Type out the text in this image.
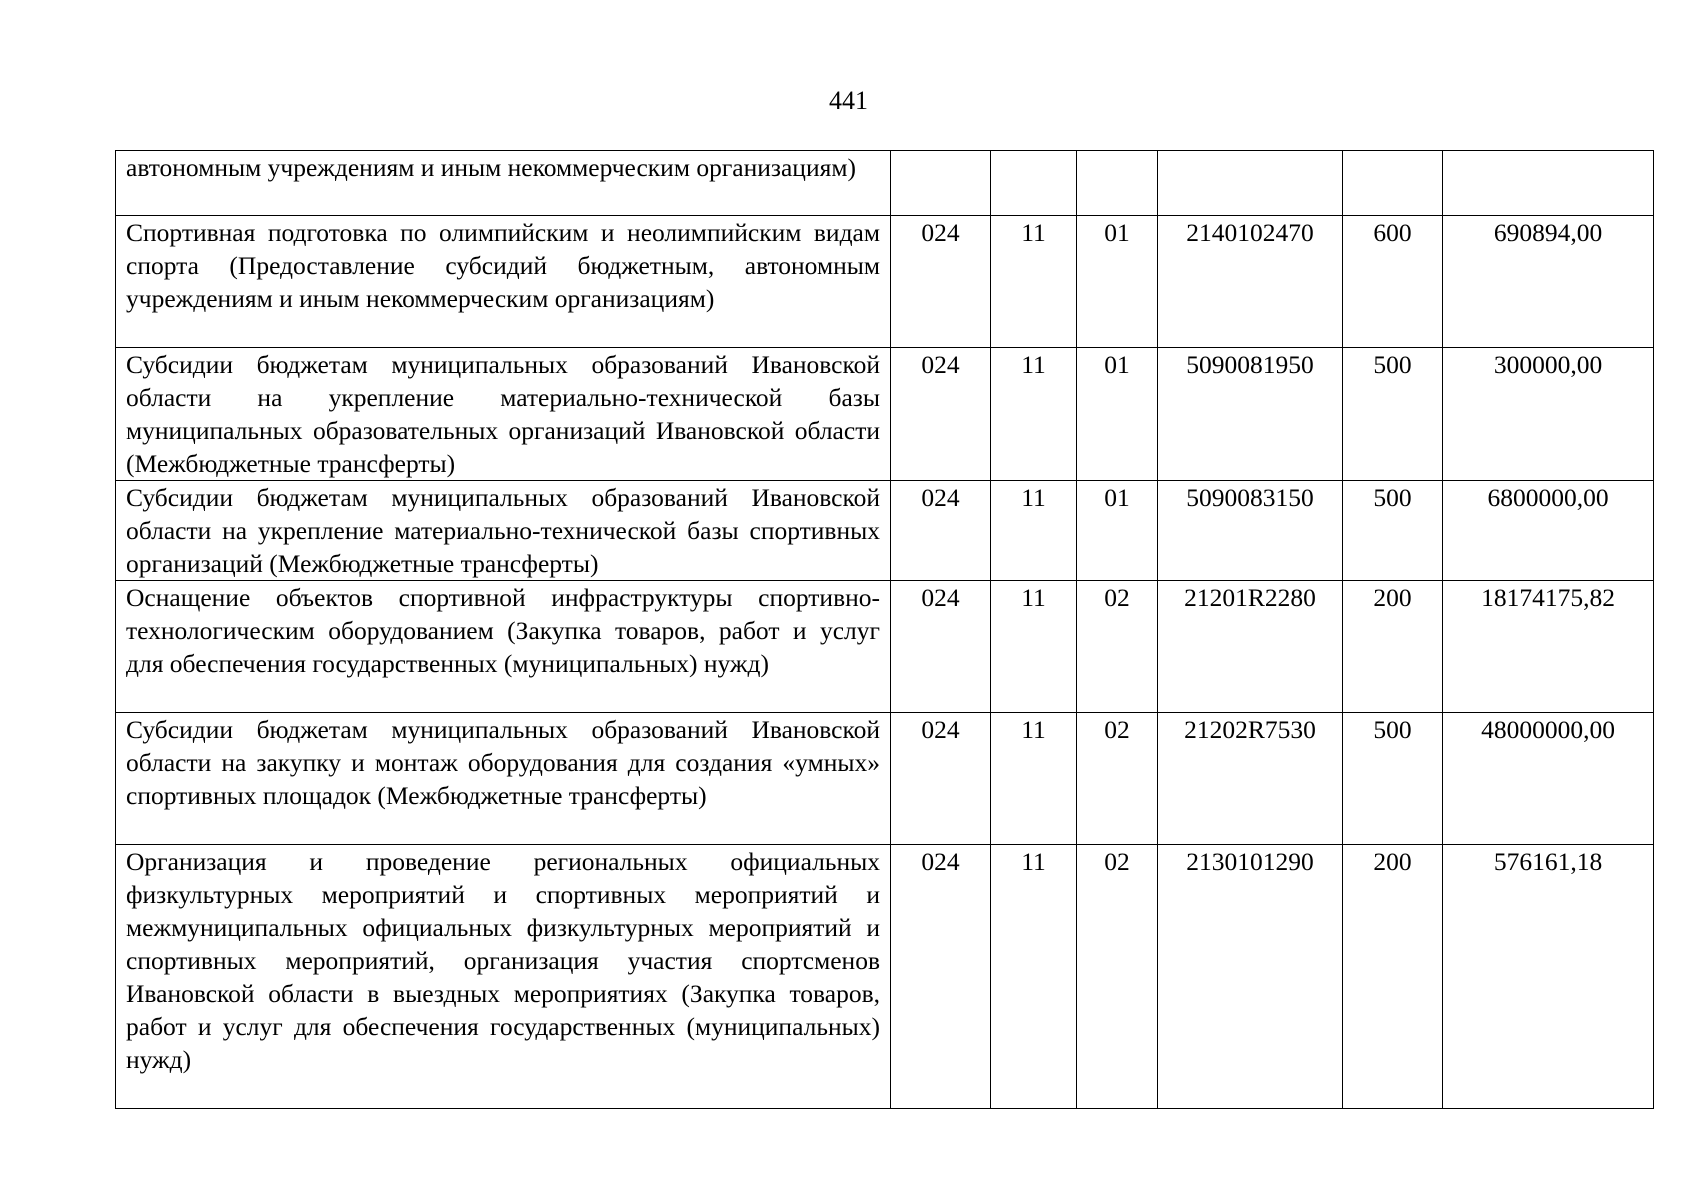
441
автономным учреждениям и иным некоммерческим организациям)						
Спортивная подготовка по олимпийским и неолимпийским видам спорта (Предоставление субсидий бюджетным, автономным учреждениям и иным некоммерческим организациям)	024	11	01	2140102470	600	690894,00
Субсидии бюджетам муниципальных образований Ивановской области на укрепление материально-технической базы муниципальных образовательных организаций Ивановской области (Межбюджетные трансферты)	024	11	01	5090081950	500	300000,00
Субсидии бюджетам муниципальных образований Ивановской области на укрепление материально-технической базы спортивных организаций (Межбюджетные трансферты)	024	11	01	5090083150	500	6800000,00
Оснащение объектов спортивной инфраструктуры спортивно-технологическим оборудованием (Закупка товаров, работ и услуг для обеспечения государственных (муниципальных) нужд)	024	11	02	21201R2280	200	18174175,82
Субсидии бюджетам муниципальных образований Ивановской области на закупку и монтаж оборудования для создания «умных» спортивных площадок (Межбюджетные трансферты)	024	11	02	21202R7530	500	48000000,00
Организация и проведение региональных официальных физкультурных мероприятий и спортивных мероприятий и межмуниципальных официальных физкультурных мероприятий и спортивных мероприятий, организация участия спортсменов Ивановской области в выездных мероприятиях (Закупка товаров, работ и услуг для обеспечения государственных (муниципальных) нужд)	024	11	02	2130101290	200	576161,18
